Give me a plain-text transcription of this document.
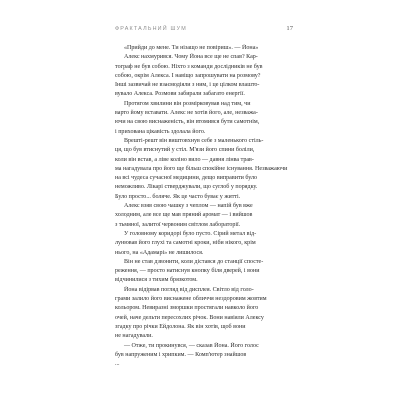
ФРАКТАЛЬНИЙ ШУМ	17
«Прийди до мене. Ти нізащо не повіриш». — Йона»
Алекс нахмурився. Чому Йона все ще не спав? Кар-
тограф не був собою. Ніхто з команди дослідників не був
собою, окрім Алекса. І навіщо запрошувати на розмову?
Інші зазвичай не взаємодіяли з ним, і це цілком влашто-
вувало Алекса. Розмови забирали забагато енергії.
Протягом хвилини він розмірковував над тим, чи
варто йому вставати. Алекс не хотів його, але, незважа-
ючи на свою виснаженість, він втомився бути самотнім,
і прихована цікавість здолала його.
Врешті-решт він виштовхнув себе з маленького стіль-
ця, що був втиснутий у стіл. М'язи його спини боліли,
коли він встав, а ліве коліно вило — давня лінва трав-
ма нагадувала про його ще більш спокійне існування. Незважаючи
на всі чудеса сучасної медицини, дещо виправити було
неможливо. Лікарі стверджували, що суглоб у порядку.
Було просто... боляче. Як це часто буває у житті.
Алекс взяв свою чашку з чеплом — напій був вже
холодним, але все ще мав пряний аромат — і вийшов
з тьмяної, залитої червоним світлом лабораторії.
У головному коридорі було пусто. Сірий метал від-
лунював його глухі та самотні кроки, ніби нікого, крім
нього, на «Адамарі» не лишилося.
Він не став дзвонити, коли дістався до станції спосте-
реження, — просто натиснув кнопку біля дверей, і вони
відчинилися з тихим брязкотом.
Йона відірвав погляд від дисплея. Світло від голо-
грами залило його виснажене обличчя нездоровим жовтим
кольором. Невиразні зморшки простягали навколо його
очей, наче дельти пересохлих річок. Вони навіяли Алексу
згадку про річки Ейдолона. Як він хотів, щоб вони
не нагадували.
— Отже, ти прокинувся, — сказав Йона. Його голос
був напруженим і хрипким. — Комп'ютер знайшов
...
